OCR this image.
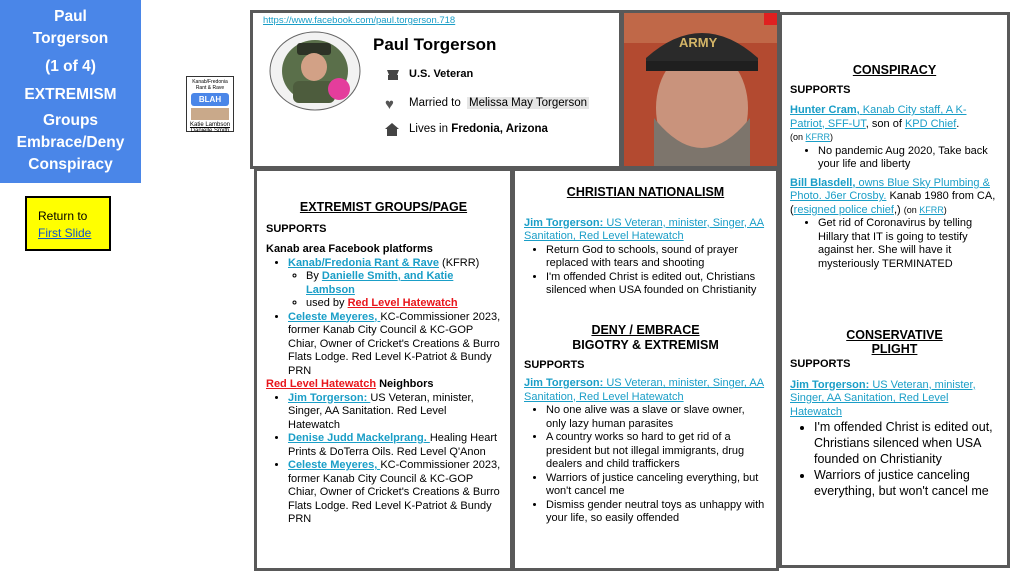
Paul
Torgerson
(1 of 4)
EXTREMISM
Groups
Embrace/Deny
Conspiracy
Return to
First Slide
Kanab/Fredonia Rant & Rave
BLAH
Katie Lambson
Danielle Smith
https://www.facebook.com/paul.torgerson.718
Paul Torgerson
U.S. Veteran
♥ Married to Melissa May Torgerson
Lives in Fredonia, Arizona
ARMY
CONSPIRACY
SUPPORTS
Hunter Cram, Kanab City staff, A K-Patriot, SFF-UT, son of KPD Chief.
(on KFRR)
• No pandemic Aug 2020, Take back your life and liberty
Bill Blasdell, owns Blue Sky Plumbing & Photo. J6er Crosby. Kanab 1980 from CA, (resigned police chief,) (on KFRR)
• Get rid of Coronavirus by telling Hillary that IT is going to testify against her. She will have it mysteriously TERMINATED
CONSERVATIVE
PLIGHT
SUPPORTS
Jim Torgerson: US Veteran, minister, Singer, AA Sanitation, Red Level Hatewatch
• I'm offended Christ is edited out, Christians silenced when USA founded on Christianity
• Warriors of justice canceling everything, but won't cancel me
EXTREMIST GROUPS/PAGE
SUPPORTS
Kanab area Facebook platforms
• Kanab/Fredonia Rant & Rave (KFRR)
◦ By Danielle Smith, and Katie Lambson
◦ used by Red Level Hatewatch
• Celeste Meyeres, KC-Commissioner 2023, former Kanab City Council & KC-GOP Chiar, Owner of Cricket's Creations & Burro Flats Lodge. Red Level K-Patriot & Bundy PRN
Red Level Hatewatch Neighbors
• Jim Torgerson: US Veteran, minister, Singer, AA Sanitation. Red Level Hatewatch
• Denise Judd Mackelprang. Healing Heart Prints & DoTerra Oils. Red Level Q'Anon
• Celeste Meyeres, KC-Commissioner 2023, former Kanab City Council & KC-GOP Chiar, Owner of Cricket's Creations & Burro Flats Lodge. Red Level K-Patriot & Bundy PRN
CHRISTIAN NATIONALISM
Jim Torgerson: US Veteran, minister, Singer, AA Sanitation, Red Level Hatewatch
• Return God to schools, sound of prayer replaced with tears and shooting
• I'm offended Christ is edited out, Christians silenced when USA founded on Christianity
DENY / EMBRACE
BIGOTRY & EXTREMISM
SUPPORTS
Jim Torgerson: US Veteran, minister, Singer, AA Sanitation, Red Level Hatewatch
• No one alive was a slave or slave owner, only lazy human parasites
• A country works so hard to get rid of a president but not illegal immigrants, drug dealers and child traffickers
• Warriors of justice canceling everything, but won't cancel me
• Dismiss gender neutral toys as unhappy with your life, so easily offended
